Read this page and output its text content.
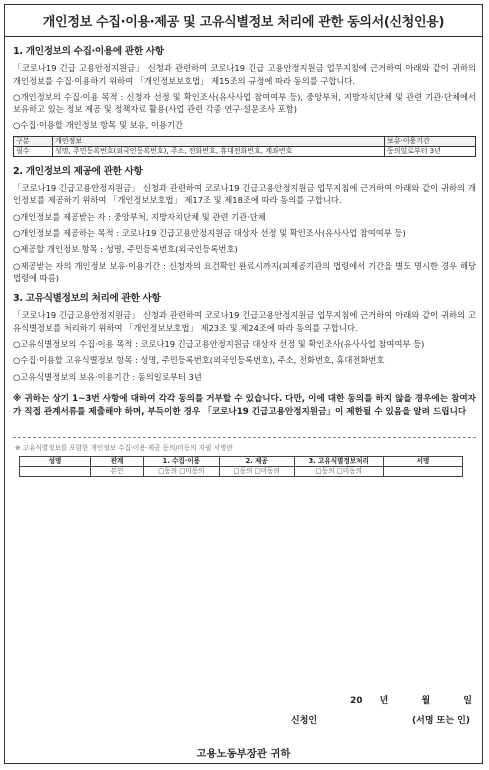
개인정보 수집·이용·제공 및 고유식별정보 처리에 관한 동의서(신청인용)
1. 개인정보의 수집·이용에 관한 사항

「코로나19 긴급 고용안정지원금」 신청과 관련하여 코로나19 긴급 고용안정지원금 업무지침에 근거하여 아래와 같이 귀하의 개인정보를 수집·이용하기 위하여 「개인정보보호법」 제15조의 규정에 따라 동의를 구합니다.

○개인정보의 수집·이용 목적 : 신청자 선정 및 확인조사(유사사업 참여여부 등), 중앙부처, 지방자치단체 및 관련 기관·단체에서 보유하고 있는 정보 제공 및 정책자료 활용(사업 관련 각종 연구·설문조사 포함)
○수집·이용할 개인정보 항목 및 보유, 이용기간
구분	개인정보	보유·이용기간
필수	성명, 주민등록번호(외국인등록번호), 주소, 전화번호, 휴대전화번호, 계좌번호	동의일로부터 3년
2. 개인정보의 제공에 관한 사항

「코로나19 긴급고용안정지원금」 신청과 관련하여 코로나19 긴급고용안정지원금 업무지침에 근거하여 아래와 같이 귀하의 개인정보를 제공하기 위하여 「개인정보보호법」 제17조 및 제18조에 따라 동의를 구합니다.

○개인정보를 제공받는 자 : 중앙부처, 지방자치단체 및 관련 기관·단체
○개인정보를 제공하는 목적 : 코로나19 긴급고용안정지원금 대상자 선정 및 확인조사(유사사업 참여여부 등)
○제공할 개인정보 항목 : 성명, 주민등록번호(외국인등록번호)
○제공받는 자의 개인정보 보유·이용기간 : 신청자의 요건확인 완료시까지(피제공기관의 법령에서 기간을 별도 명시한 경우 해당 법령에 따름)
3. 고유식별정보의 처리에 관한 사항

「코로나19 긴급고용안정지원금」 신청과 관련하여 코로나19 긴급고용안정지원금 업무지침에 근거하여 아래와 같이 귀하의 고유식별정보를 처리하기 위하여 「개인정보보호법」 제23조 및 제24조에 따라 동의를 구합니다.

○고유식별정보의 수집·이용 목적 : 코로나19 긴급고용안정지원금 대상자 선정 및 확인조사(유사사업 참여여부 등)
○수집·이용할 고유식별정보 항목 : 성명, 주민등록번호(외국인등록번호), 주소, 전화번호, 휴대전화번호
○고유식별정보의 보유·이용기간 : 동의일로부터 3년
※ 귀하는 상기 1~3번 사항에 대하여 각각 동의를 거부할 수 있습니다. 다만, 이에 대한 동의를 하지 않을 경우에는 참여자가 직접 관계서류를 제출해야 하며, 부득이한 경우 「코로나19 긴급고용안정지원금」이 제한될 수 있음을 알려 드립니다
※ 고유식별정보를 포함한 개인정보 수집·이용·제공 동의/미동의 자필 서명란
성명	관계	1. 수집·이용	2. 제공	3. 고유식별정보처리	서명
	본인	□동의 □미동의	□동의 □미동의	□동의 □미동의	
20 년	월	일
신청인	(서명 또는 인)
고용노동부장관 귀하
